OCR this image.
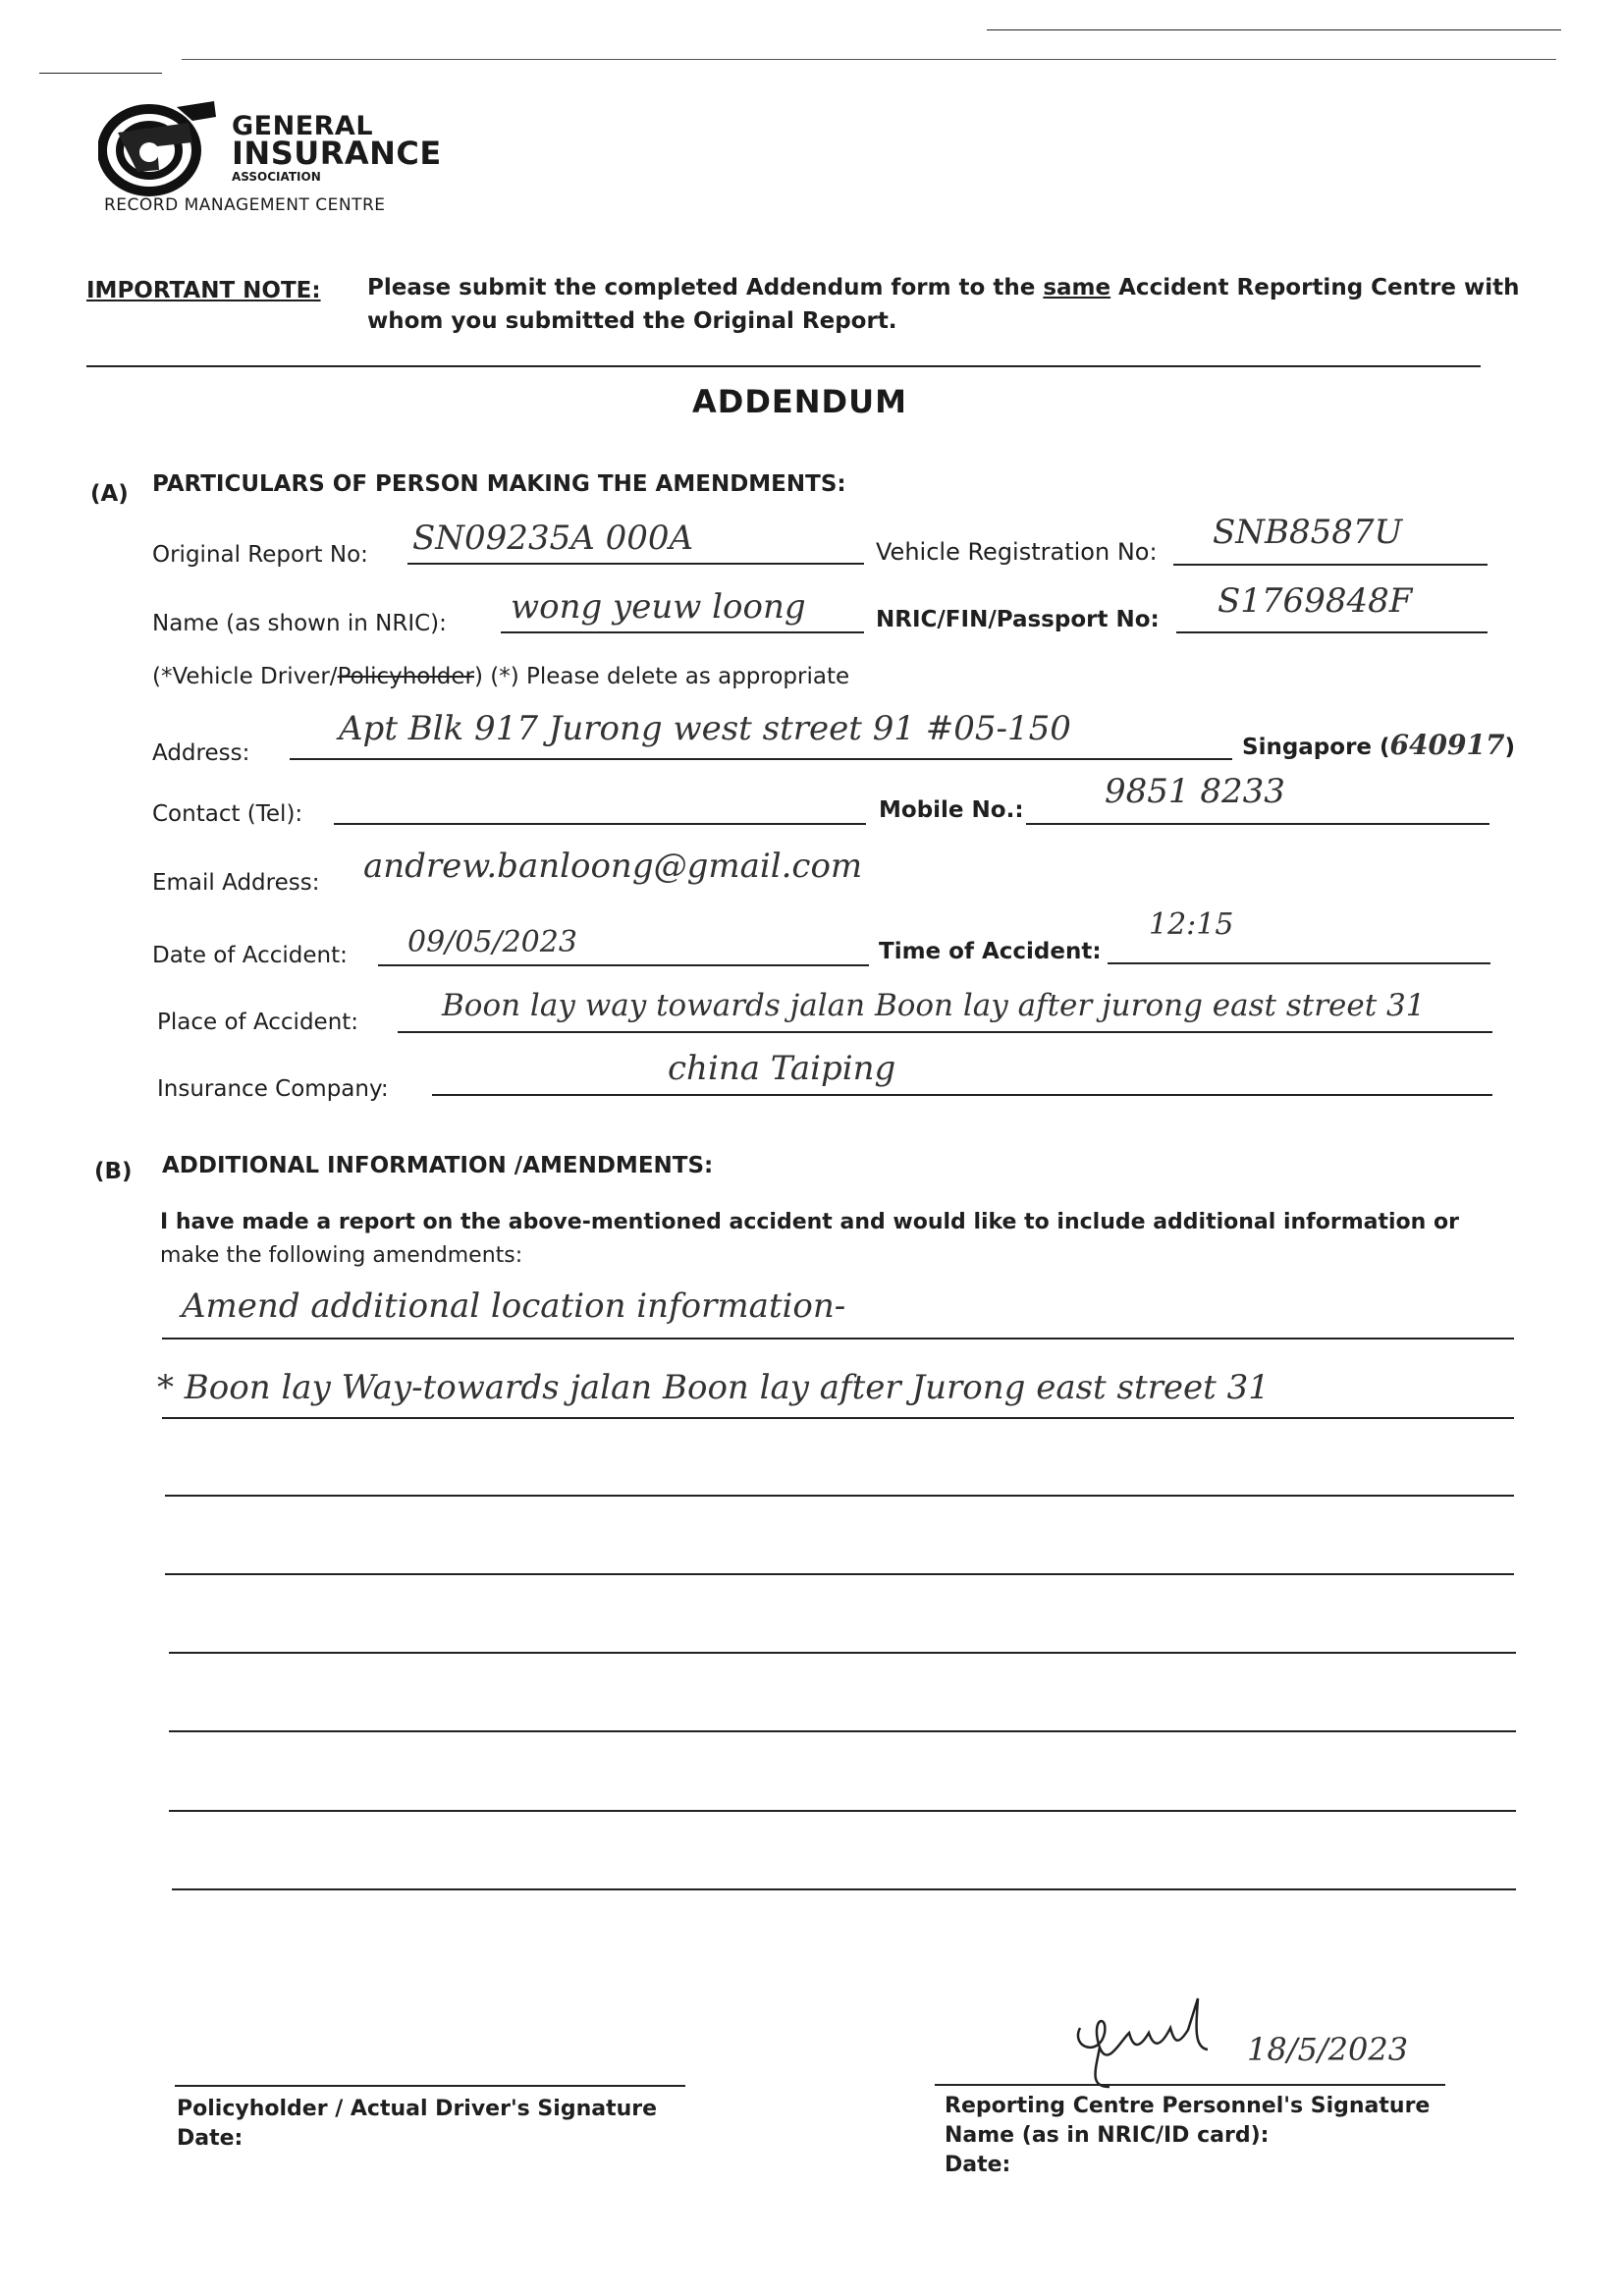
GENERAL
INSURANCE
ASSOCIATION
RECORD MANAGEMENT CENTRE
IMPORTANT NOTE: Please submit the completed Addendum form to the same Accident Reporting Centre with
whom you submitted the Original Report.
ADDENDUM
(A) PARTICULARS OF PERSON MAKING THE AMENDMENTS:
Original Report No: SN09235A 000A	Vehicle Registration No: SNB8587U
Name (as shown in NRIC): wong yeuw loong	NRIC/FIN/Passport No: S1769848F
(*Vehicle Driver/Policyholder) (*) Please delete as appropriate
Address:
Apt Blk 917 Jurong west street 91 #05-150	Singapore (640917)
Contact (Tel):	Mobile No.: 9851 8233
Email Address: andrew.banloong@gmail.com
Date of Accident: 09/05/2023	Time of Accident:
12:15
Place of Accident:	Boon lay way towards jalan Boon lay after jurong east street 31
Insurance Company:
china Taiping
(B) ADDITIONAL INFORMATION /AMENDMENTS:
I have made a report on the above-mentioned accident and would like to include additional information or
make the following amendments:
Amend additional location information-
* Boon lay Way-towards jalan Boon lay after Jurong east street 31
Policyholder / Actual Driver's Signature
Date:
18/5/2023
Reporting Centre Personnel's Signature
Name (as in NRIC/ID card):
Date:
